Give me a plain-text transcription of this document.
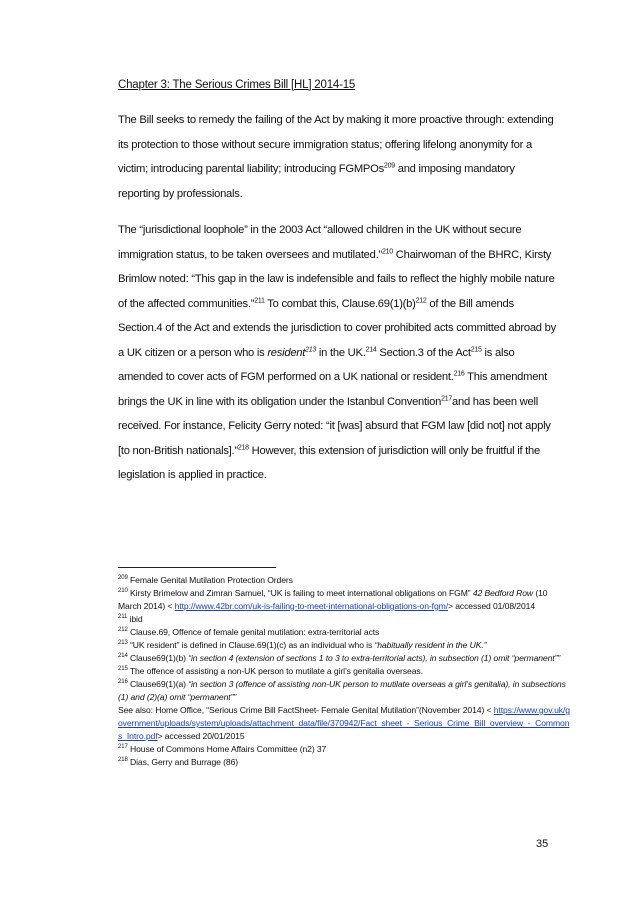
Chapter 3: The Serious Crimes Bill [HL] 2014-15

The Bill seeks to remedy the failing of the Act by making it more proactive through: extending its protection to those without secure immigration status; offering lifelong anonymity for a victim; introducing parental liability; introducing FGMPOs$^{209}$ and imposing mandatory reporting by professionals.

The “jurisdictional loophole” in the 2003 Act “allowed children in the UK without secure immigration status, to be taken oversees and mutilated.”$^{210}$ Chairwoman of the BHRC, Kirsty Brimlow noted: “This gap in the law is indefensible and fails to reflect the highly mobile nature of the affected communities.”$^{211}$ To combat this, $Clause.69(1)(b)^{212}$ of the Bill amends Section.4 of the Act and extends the jurisdiction to cover prohibited acts committed abroad by a UK citizen or a person who is resident$^{213}$ in the UK.$^{214}$ Section.3 of the Act$^{215}$ is also amended to cover acts of FGM performed on a UK national or resident.$^{216}$ This amendment brings the UK in line with its obligation under the Istanbul Convention$^{217}$and has been well received. For instance, Felicity Gerry noted: “it [was] absurd that FGM law [did not] not apply [to non-British nationals].”$^{218}$ However, this extension of jurisdiction will only be fruitful if the legislation is applied in practice.

$^{209}$ Female Genital Mutilation Protection Orders

$^{210}$ Kirsty Brimelow and Zimran Samuel, “UK is failing to meet international obligations on FGM” 42 Bedford Row (10 March 2014) < http://www.42br.com/uk-is-failing-to-meet-international-obligations-on-fgm/> accessed 01/08/2014

$^{211}$ ibid

$^{212}$ Clause.69, Offence of female genital mutilation: extra-territorial acts

$^{213}$ “UK resident” is defined in Clause.69(1)(c) as an individual who is “habitually resident in the UK.”

$^{214}$ Clause69(1)(b) “in section 4 (extension of sections 1 to 3 to extra-territorial acts), in subsection (1) omit “permanent””

$^{215}$ The offence of assisting a non-UK person to mutilate a girl’s genitalia overseas.

$^{216}$ Clause69(1)(a) “in section 3 (offence of assisting non-UK person to mutilate overseas a girl’s genitalia), in subsections (1) and (2)(a) omit “permanent””

See also: Home Office, “Serious Crime Bill FactSheet- Female Genital Mutilation”(November 2014) < https://www.gov.uk/government/uploads/system/uploads/attachment_data/file/370942/Fact_sheet_-_Serious_Crime_Bill_overview_-_Commons_Intro.pdf> accessed 20/01/2015

$^{217}$ House of Commons Home Affairs Committee (n2) 37

$^{218}$ Dias, Gerry and Burrage (86)

35
